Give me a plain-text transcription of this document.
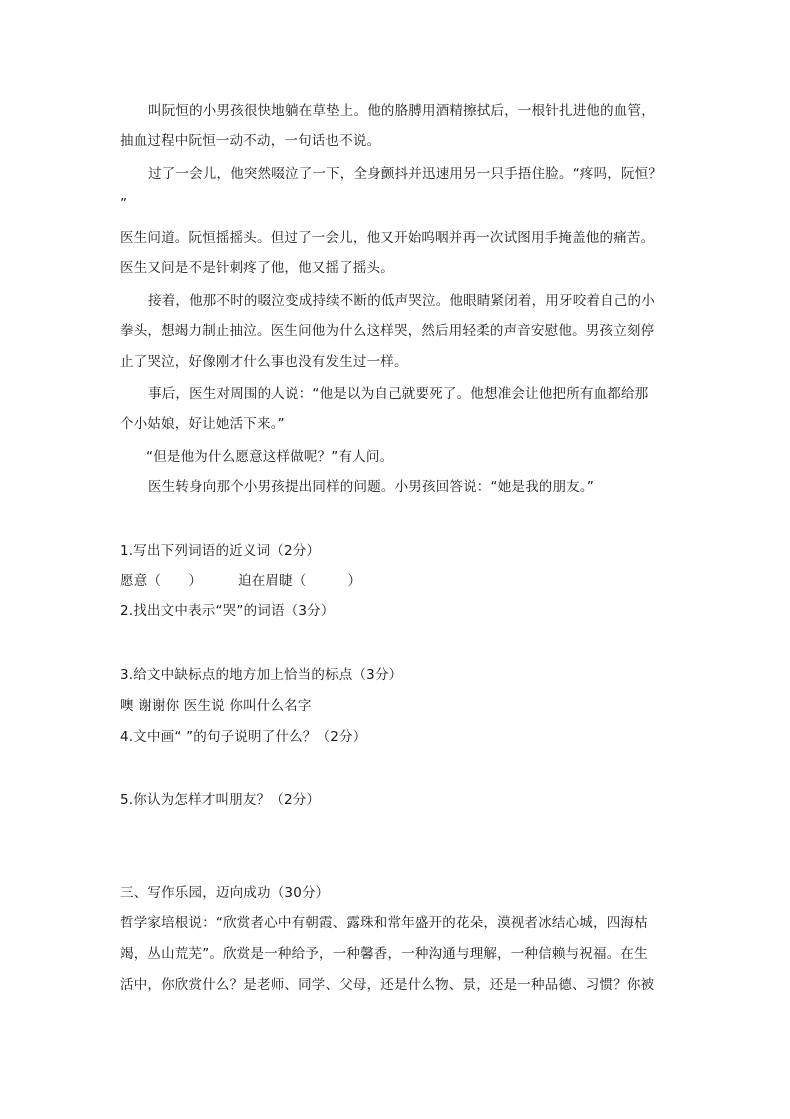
叫阮恒的小男孩很快地躺在草垫上。他的胳膊用酒精擦拭后，一根针扎进他的血管，
抽血过程中阮恒一动不动，一句话也不说。
过了一会儿，他突然啜泣了一下，全身颤抖并迅速用另一只手捂住脸。“疼吗，阮恒？
”
医生问道。阮恒摇摇头。但过了一会儿，他又开始呜咽并再一次试图用手掩盖他的痛苦。
医生又问是不是针刺疼了他，他又摇了摇头。
接着，他那不时的啜泣变成持续不断的低声哭泣。他眼睛紧闭着，用牙咬着自己的小
拳头，想竭力制止抽泣。医生问他为什么这样哭，然后用轻柔的声音安慰他。男孩立刻停
止了哭泣，好像刚才什么事也没有发生过一样。
事后，医生对周围的人说：“他是以为自己就要死了。他想准会让他把所有血都给那
个小姑娘，好让她活下来。”
“但是他为什么愿意这样做呢？”有人问。
医生转身向那个小男孩提出同样的问题。小男孩回答说：“她是我的朋友。”
1.写出下列词语的近义词（2分）
愿意（　　）	迫在眉睫（　　　）
2.找出文中表示“哭”的词语（3分）
3.给文中缺标点的地方加上恰当的标点（3分）
噢 谢谢你 医生说 你叫什么名字
4.文中画“ ”的句子说明了什么？（2分）
5.你认为怎样才叫朋友？（2分）
三、写作乐园，迈向成功（30分）
哲学家培根说：“欣赏者心中有朝霞、露珠和常年盛开的花朵，漠视者冰结心城，四海枯
竭，丛山荒芜”。欣赏是一种给予，一种馨香，一种沟通与理解，一种信赖与祝福。在生
活中，你欣赏什么？是老师、同学、父母，还是什么物、景，还是一种品德、习惯？你被
